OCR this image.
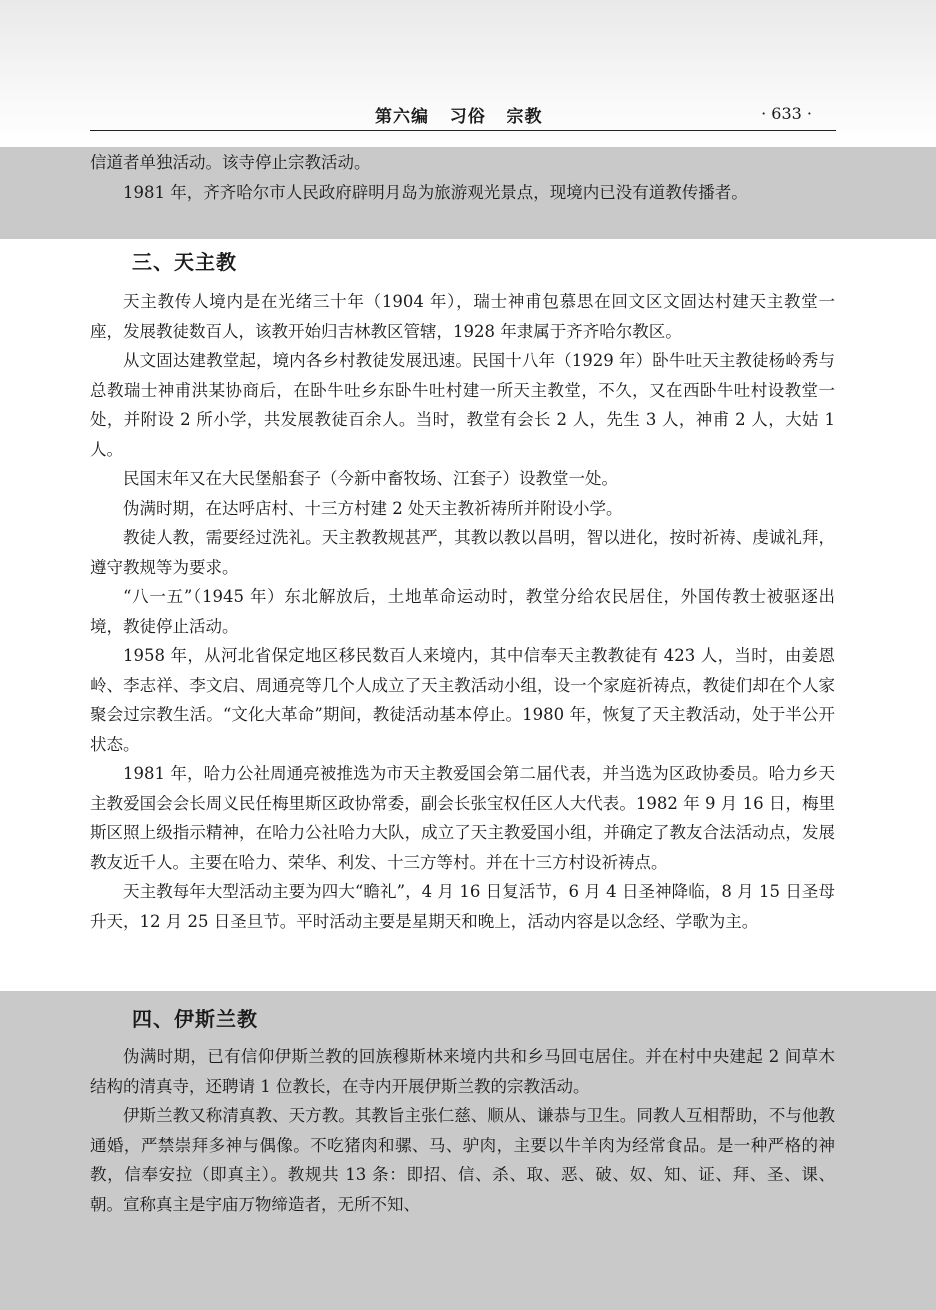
第六编   习俗   宗教	· 633 ·

信道者单独活动。该寺停止宗教活动。

1981 年，齐齐哈尔市人民政府辟明月岛为旅游观光景点，现境内已没有道教传播者。

三、天主教

天主教传人境内是在光绪三十年（1904 年），瑞士神甫包慕思在回文区文固达村建天主教堂一座，发展教徒数百人，该教开始归吉林教区管辖，1928 年隶属于齐齐哈尔教区。

从文固达建教堂起，境内各乡村教徒发展迅速。民国十八年（1929 年）卧牛吐天主教徒杨岭秀与总教瑞士神甫洪某协商后，在卧牛吐乡东卧牛吐村建一所天主教堂，不久，又在西卧牛吐村设教堂一处，并附设 2 所小学，共发展教徒百余人。当时，教堂有会长 2 人，先生 3 人，神甫 2 人，大姑 1 人。

民国末年又在大民堡船套子（今新中畜牧场、江套子）设教堂一处。

伪满时期，在达呼店村、十三方村建 2 处天主教祈祷所并附设小学。

教徒人教，需要经过洗礼。天主教教规甚严，其教以教以昌明，智以进化，按时祈祷、虔诚礼拜，遵守教规等为要求。

“八一五”（1945 年）东北解放后，土地革命运动时，教堂分给农民居住，外国传教士被驱逐出境，教徒停止活动。

1958 年，从河北省保定地区移民数百人来境内，其中信奉天主教教徒有 423 人，当时，由姜恩岭、李志祥、李文启、周通亮等几个人成立了天主教活动小组，设一个家庭祈祷点，教徒们却在个人家聚会过宗教生活。“文化大革命”期间，教徒活动基本停止。1980 年，恢复了天主教活动，处于半公开状态。

1981 年，哈力公社周通亮被推选为市天主教爱国会第二届代表，并当选为区政协委员。哈力乡天主教爱国会会长周义民任梅里斯区政协常委，副会长张宝权任区人大代表。1982 年 9 月 16 日，梅里斯区照上级指示精神，在哈力公社哈力大队，成立了天主教爱国小组，并确定了教友合法活动点，发展教友近千人。主要在哈力、荣华、利发、十三方等村。并在十三方村设祈祷点。

天主教每年大型活动主要为四大“瞻礼”，4 月 16 日复活节，6 月 4 日圣神降临，8 月 15 日圣母升天，12 月 25 日圣旦节。平时活动主要是星期天和晚上，活动内容是以念经、学歌为主。

四、伊斯兰教

伪满时期，已有信仰伊斯兰教的回族穆斯林来境内共和乡马回屯居住。并在村中央建起 2 间草木结构的清真寺，还聘请 1 位教长，在寺内开展伊斯兰教的宗教活动。

伊斯兰教又称清真教、天方教。其教旨主张仁慈、顺从、谦恭与卫生。同教人互相帮助，不与他教通婚，严禁崇拜多神与偶像。不吃猪肉和骡、马、驴肉，主要以牛羊肉为经常食品。是一种严格的神教，信奉安拉（即真主）。教规共 13 条：即招、信、杀、取、恶、破、奴、知、证、拜、圣、课、朝。宣称真主是宇庙万物缔造者，无所不知、
